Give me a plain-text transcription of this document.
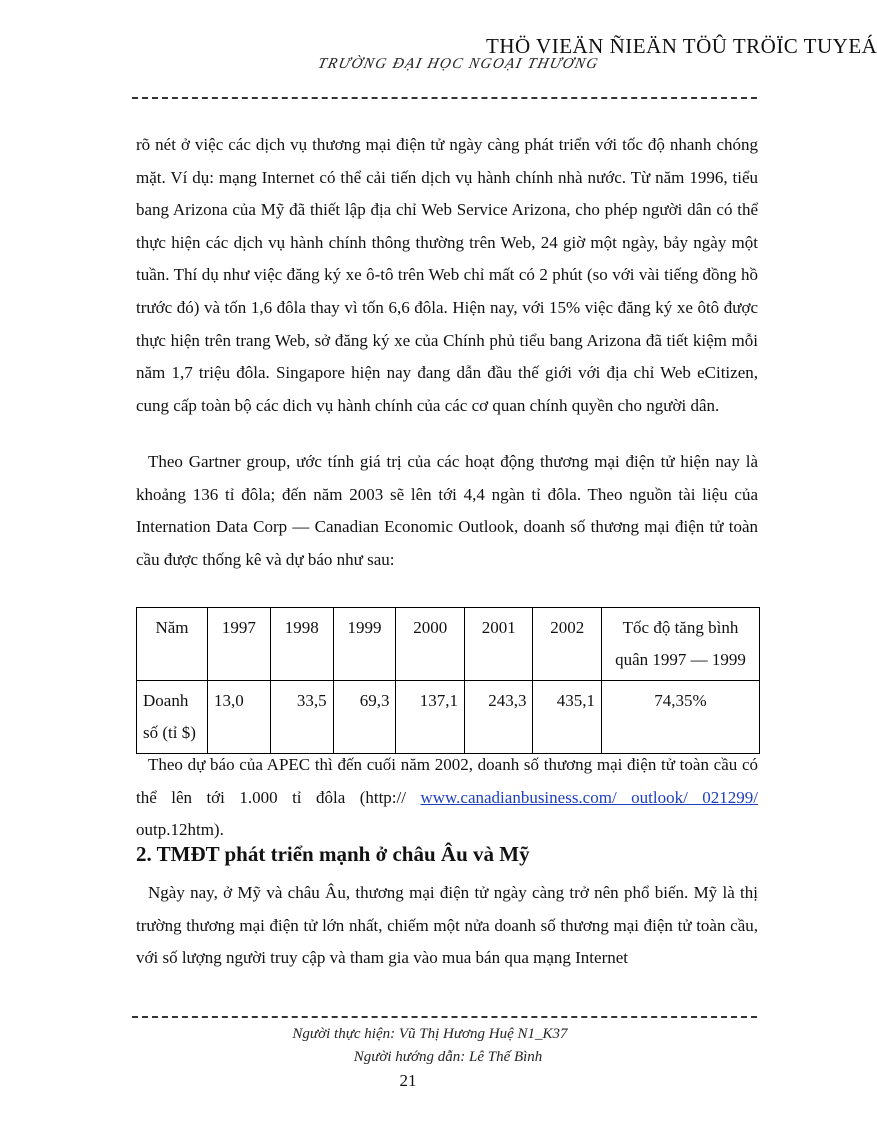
THÖ VIEÄN ÑIEÄN TÖÛ TRÖÏC TUYEÁ
TRƯỜNG ĐẠI HỌC NGOẠI THƯƠNG
rõ nét ở việc các dịch vụ thương mại điện tử ngày càng phát triển với tốc độ nhanh chóng mặt. Ví dụ: mạng Internet có thể cải tiến dịch vụ hành chính nhà nước. Từ năm 1996, tiểu bang Arizona của Mỹ đã thiết lập địa chỉ Web Service Arizona, cho phép người dân có thể thực hiện các dịch vụ hành chính thông thường trên Web, 24 giờ một ngày, bảy ngày một tuần. Thí dụ như việc đăng ký xe ô-tô trên Web chỉ mất có 2 phút (so với vài tiếng đồng hồ trước đó) và tốn 1,6 đôla thay vì tốn 6,6 đôla. Hiện nay, với 15% việc đăng ký xe ôtô được thực hiện trên trang Web, sở đăng ký xe của Chính phủ tiểu bang Arizona đã tiết kiệm mỗi năm 1,7 triệu đôla. Singapore hiện nay đang dẫn đầu thế giới với địa chỉ Web eCitizen, cung cấp toàn bộ các dich vụ hành chính của các cơ quan chính quyền cho người dân.
Theo Gartner group, ước tính giá trị của các hoạt động thương mại điện tử hiện nay là khoảng 136 tỉ đôla; đến năm 2003 sẽ lên tới 4,4 ngàn tỉ đôla. Theo nguồn tài liệu của Internation Data Corp — Canadian Economic Outlook, doanh số thương mại điện tử toàn cầu được thống kê và dự báo như sau:
Năm	1997	1998	1999	2000	2001	2002	Tốc độ tăng bình quân 1997 — 1999
Doanh số (tỉ $)	13,0	33,5	69,3	137,1	243,3	435,1	74,35%
Theo dự báo của APEC thì đến cuối năm 2002, doanh số thương mại điện tử toàn cầu có thể lên tới 1.000 tỉ đôla (http:// www.canadianbusiness.com/ outlook/ 021299/ outp.12htm).
2. TMĐT phát triển mạnh ở châu Âu và Mỹ
Ngày nay, ở Mỹ và châu Âu, thương mại điện tử ngày càng trở nên phổ biến. Mỹ là thị trường thương mại điện tử lớn nhất, chiếm một nửa doanh số thương mại điện tử toàn cầu, với số lượng người truy cập và tham gia vào mua bán qua mạng Internet
Người thực hiện: Vũ Thị Hương Huệ N1_K37
Người hướng dẫn: Lê Thế Bình
21
